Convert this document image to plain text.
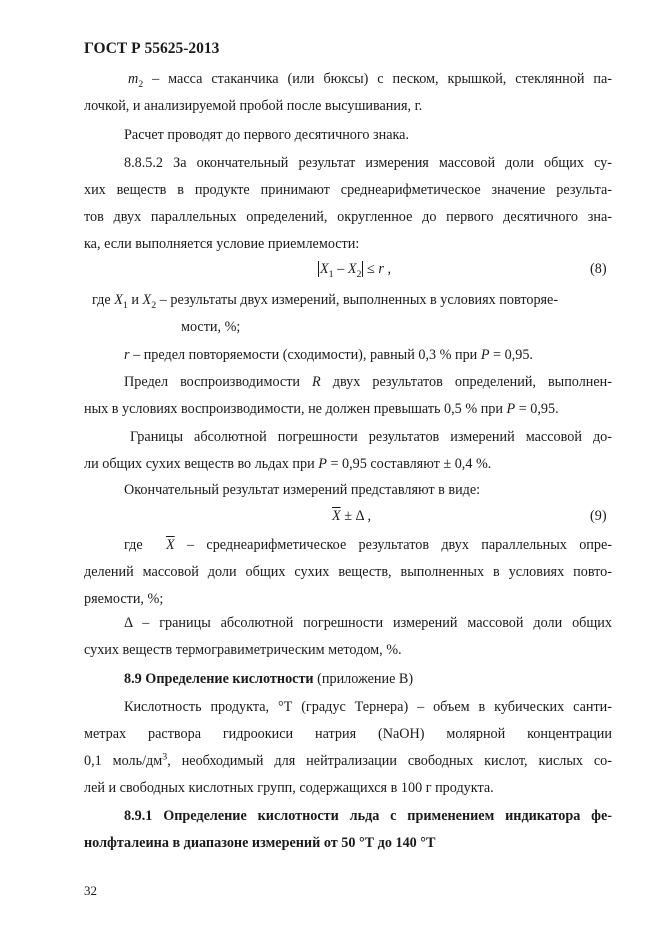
ГОСТ Р 55625-2013
$m_2$ – масса стаканчика (или бюксы) с песком, крышкой, стеклянной па-
лочкой, и анализируемой пробой после высушивания, г.
Расчет проводят до первого десятичного знака.
8.8.5.2 За окончательный результат измерения массовой доли общих су-
хих веществ в продукте принимают среднеарифметическое значение результа-
тов двух параллельных определений, округленное до первого десятичного зна-
ка, если выполняется условие приемлемости:
$X_1 - X_2 \le r$ ,	(8)
где $X_1$ и $X_2$ – результаты двух измерений, выполненных в условиях повторяе-
мости, %;
r – предел повторяемости (сходимости), равный 0,3 % при P = 0,95.
Предел воспроизводимости R двух результатов определений, выполнен-
ных в условиях воспроизводимости, не должен превышать 0,5 % при P = 0,95.
Границы абсолютной погрешности результатов измерений массовой до-
ли общих сухих веществ во льдах при P = 0,95 составляют ± 0,4 %.
Окончательный результат измерений представляют в виде:
$\overline{X} \pm \Delta$ ,	(9)
где $\overline{X}$ – среднеарифметическое результатов двух параллельных опре-
делений массовой доли общих сухих веществ, выполненных в условиях повто-
ряемости, %;
Δ – границы абсолютной погрешности измерений массовой доли общих
сухих веществ термогравиметрическим методом, %.
8.9 Определение кислотности (приложение В)
Кислотность продукта, °Т (градус Тернера) – объем в кубических санти-
метрах раствора гидроокиси натрия (NaOH) молярной концентрации
0,1 моль/$дм^3$, необходимый для нейтрализации свободных кислот, кислых со-
лей и свободных кислотных групп, содержащихся в 100 г продукта.
8.9.1 Определение кислотности льда с применением индикатора фе-
нолфталеина в диапазоне измерений от 50 °Т до 140 °Т
32
